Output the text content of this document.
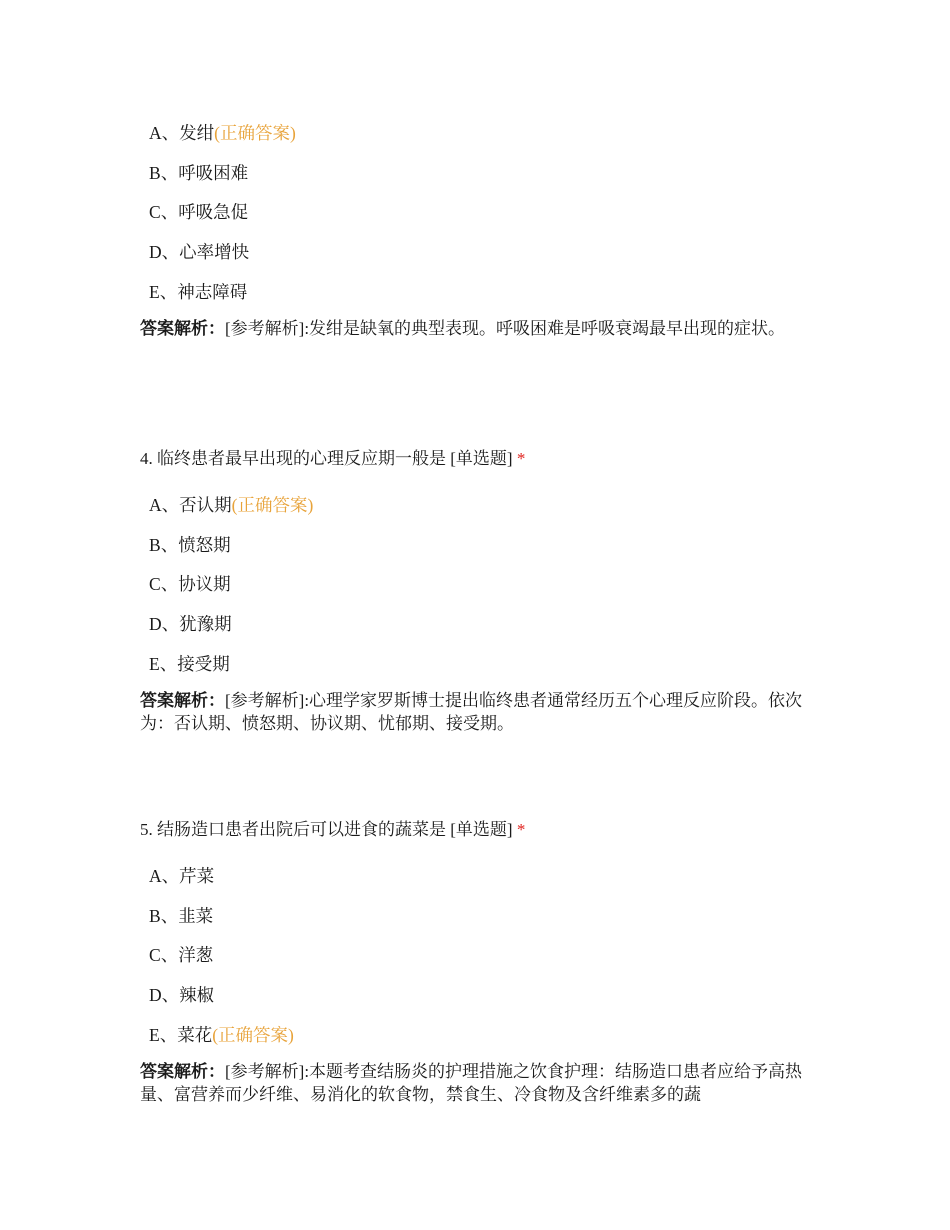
A、发绀(正确答案)
B、呼吸困难
C、呼吸急促
D、心率增快
E、神志障碍
答案解析：[参考解析]:发绀是缺氧的典型表现。呼吸困难是呼吸衰竭最早出现的症状。
4. 临终患者最早出现的心理反应期一般是 [单选题] *
A、否认期(正确答案)
B、愤怒期
C、协议期
D、犹豫期
E、接受期
答案解析：[参考解析]:心理学家罗斯博士提出临终患者通常经历五个心理反应阶段。依次为：否认期、愤怒期、协议期、忧郁期、接受期。
5. 结肠造口患者出院后可以进食的蔬菜是 [单选题] *
A、芹菜
B、韭菜
C、洋葱
D、辣椒
E、菜花(正确答案)
答案解析：[参考解析]:本题考查结肠炎的护理措施之饮食护理：结肠造口患者应给予高热量、富营养而少纤维、易消化的软食物，禁食生、冷食物及含纤维素多的蔬
